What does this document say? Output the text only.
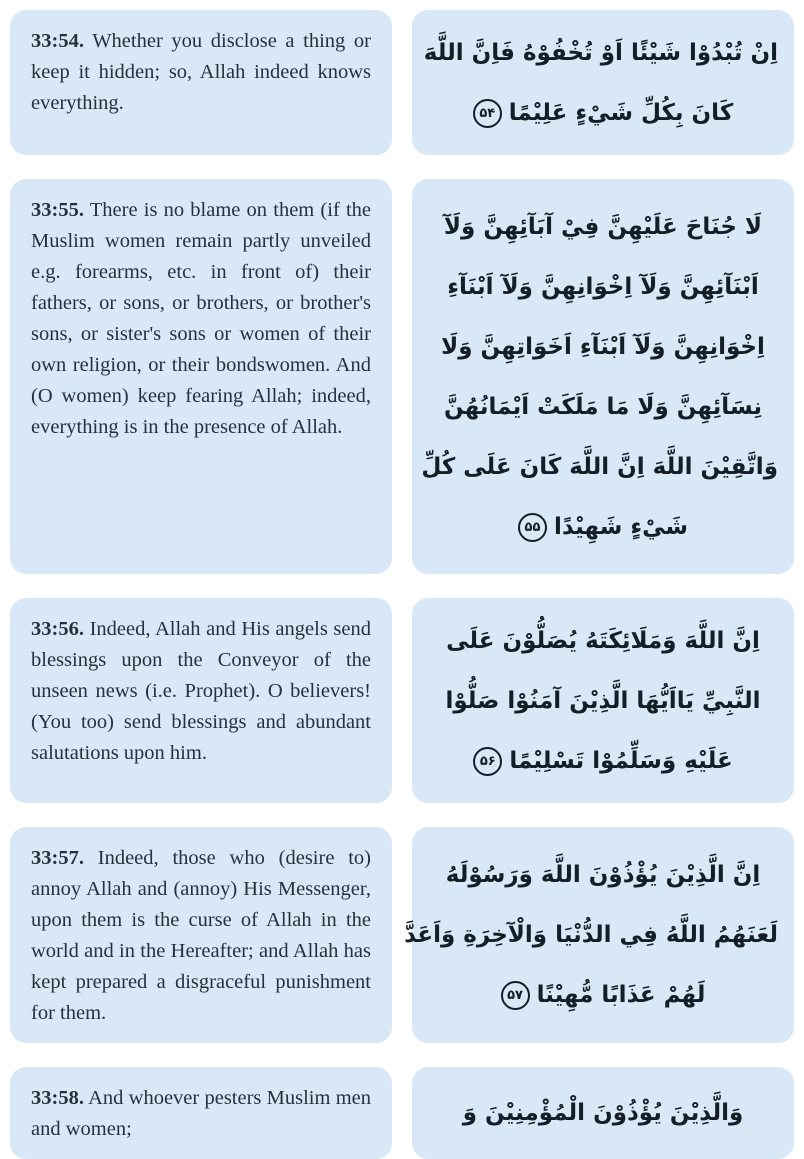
33:54. Whether you disclose a thing or keep it hidden; so, Allah indeed knows everything.
اِنْ تُبْدُوْا شَيْئًا اَوْ تُخْفُوْهُ فَاِنَّ اللَّهَ
كَانَ بِكُلِّ شَيْءٍ عَلِيْمًا۵۴
33:55. There is no blame on them (if the Muslim women remain partly unveiled e.g. forearms, etc. in front of) their fathers, or sons, or brothers, or brother's sons, or sister's sons or women of their own religion, or their bondswomen. And (O women) keep fearing Allah; indeed, everything is in the presence of Allah.
لَا جُنَاحَ عَلَيْهِنَّ فِيْ آبَآئِهِنَّ وَلَآ
اَبْنَآئِهِنَّ وَلَآ اِخْوَانِهِنَّ وَلَآ اَبْنَآءِ
اِخْوَانِهِنَّ وَلَآ اَبْنَآءِ اَخَوَاتِهِنَّ وَلَا
نِسَآئِهِنَّ وَلَا مَا مَلَكَتْ اَيْمَانُهُنَّ
وَاتَّقِيْنَ اللَّهَ اِنَّ اللَّهَ كَانَ عَلَى كُلِّ
شَيْءٍ شَهِيْدًا۵۵
33:56. Indeed, Allah and His angels send blessings upon the Conveyor of the unseen news (i.e. Prophet). O believers! (You too) send blessings and abundant salutations upon him.
اِنَّ اللَّهَ وَمَلَائِكَتَهُ يُصَلُّوْنَ عَلَى
النَّبِيِّ يَااَيُّهَا الَّذِيْنَ آمَنُوْا صَلُّوْا
عَلَيْهِ وَسَلِّمُوْا تَسْلِيْمًا۵۶
33:57. Indeed, those who (desire to) annoy Allah and (annoy) His Messenger, upon them is the curse of Allah in the world and in the Hereafter; and Allah has kept prepared a disgraceful punishment for them.
اِنَّ الَّذِيْنَ يُؤْذُوْنَ اللَّهَ وَرَسُوْلَهُ
لَعَنَهُمُ اللَّهُ فِي الدُّنْيَا وَالْآخِرَةِ وَاَعَدَّ
لَهُمْ عَذَابًا مُّهِيْنًا۵۷
33:58. And whoever pesters Muslim men and women;
وَالَّذِيْنَ يُؤْذُوْنَ الْمُؤْمِنِيْنَ وَ
